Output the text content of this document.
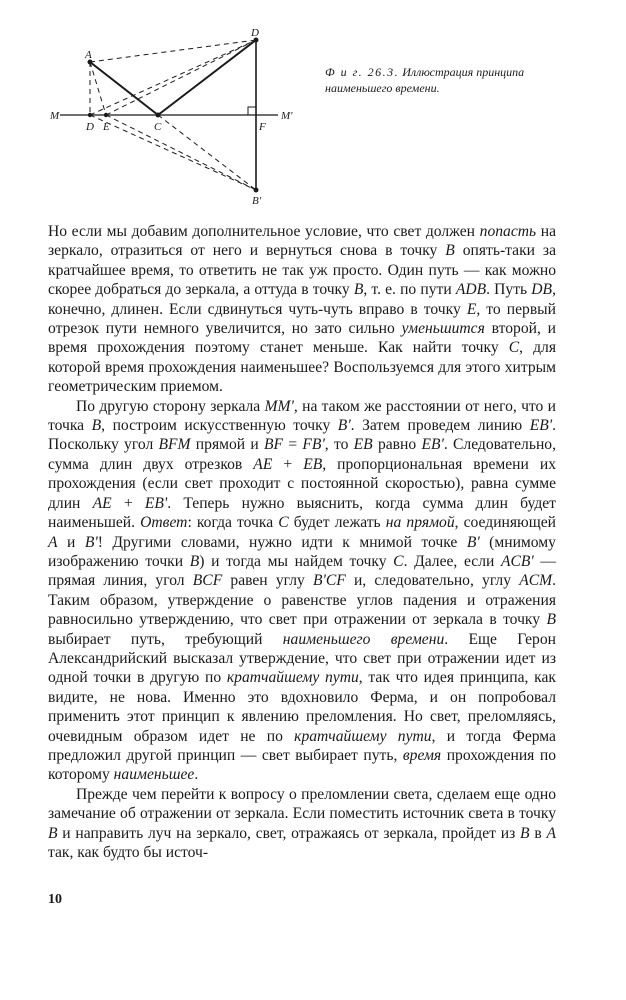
A
D
M
D E	C	F
M'
B'
Ф и г. 26.3. Иллюстрация принципа наименьшего времени.

Но если мы добавим дополнительное условие, что свет должен попасть на зеркало, отразиться от него и вернуться снова в точку B опять-таки за кратчайшее время, то ответить не так уж просто. Один путь — как можно скорее добраться до зеркала, а оттуда в точку B, т. е. по пути ADB. Путь DB, конечно, длинен. Если сдвинуться чуть-чуть вправо в точку E, то первый отрезок пути немного увеличится, но зато сильно уменьшится второй, и время прохождения поэтому станет меньше. Как найти точку C, для которой время прохождения наименьшее? Воспользуемся для этого хитрым геометрическим приемом.

По другую сторону зеркала MM', на таком же расстоянии от него, что и точка B, построим искусственную точку B'. Затем проведем линию EB'. Поскольку угол BFM прямой и BF = FB', то EB равно EB'. Следовательно, сумма длин двух отрезков AE + EB, пропорциональная времени их прохождения (если свет проходит с постоянной скоростью), равна сумме длин AE + EB'. Теперь нужно выяснить, когда сумма длин будет наименьшей. Ответ: когда точка C будет лежать на прямой, соединяющей A и B'! Другими словами, нужно идти к мнимой точке B' (мнимому изображению точки B) и тогда мы найдем точку C. Далее, если ACB' — прямая линия, угол BCF равен углу B'CF и, следовательно, углу ACM. Таким образом, утверждение о равенстве углов падения и отражения равносильно утверждению, что свет при отражении от зеркала в точку B выбирает путь, требующий наименьшего времени. Еще Герон Александрийский высказал утверждение, что свет при отражении идет из одной точки в другую по кратчайшему пути, так что идея принципа, как видите, не нова. Именно это вдохновило Ферма, и он попробовал применить этот принцип к явлению преломления. Но свет, преломляясь, очевидным образом идет не по кратчайшему пути, и тогда Ферма предложил другой принцип — свет выбирает путь, время прохождения по которому наименьшее.

Прежде чем перейти к вопросу о преломлении света, сделаем еще одно замечание об отражении от зеркала. Если поместить источник света в точку B и направить луч на зеркало, свет, отражаясь от зеркала, пройдет из B в A так, как будто бы источ-

10
